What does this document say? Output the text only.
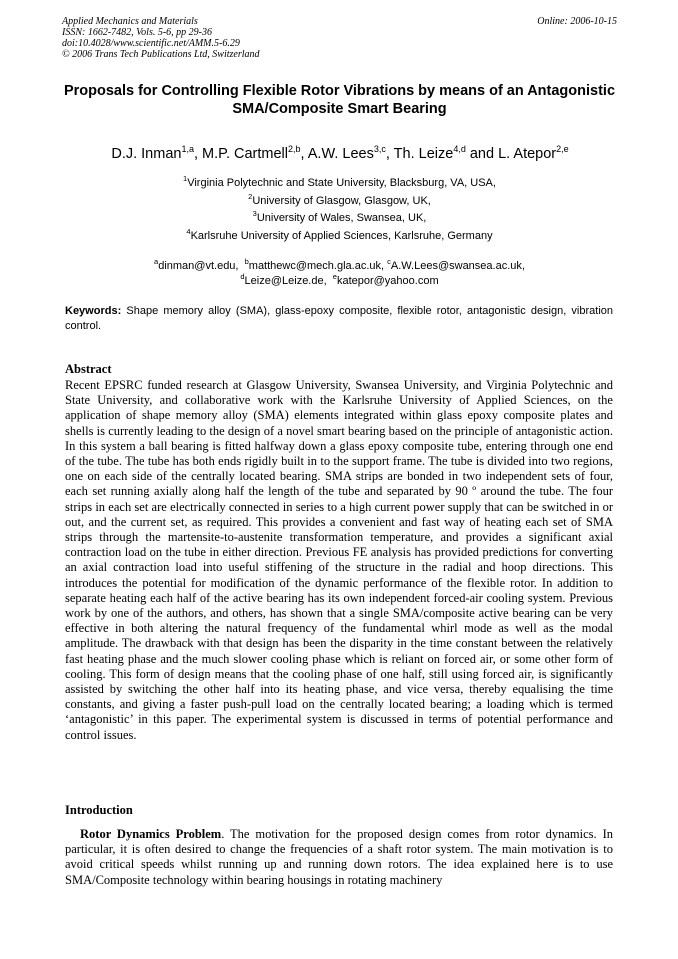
Applied Mechanics and Materials
ISSN: 1662-7482, Vols. 5-6, pp 29-36
doi:10.4028/www.scientific.net/AMM.5-6.29
© 2006 Trans Tech Publications Ltd, Switzerland
Online: 2006-10-15
Proposals for Controlling Flexible Rotor Vibrations by means of an Antagonistic SMA/Composite Smart Bearing
D.J. Inman$^{1,a}$, M.P. Cartmell$^{2,b}$, A.W. Lees$^{3,c}$, Th. Leize$^{4,d}$ and L. Atepor$^{2,e}$
$^1$Virginia Polytechnic and State University, Blacksburg, VA, USA,
$^2$University of Glasgow, Glasgow, UK,
$^3$University of Wales, Swansea, UK,
$^4$Karlsruhe University of Applied Sciences, Karlsruhe, Germany
$^a$dinman@vt.edu, $^b$matthewc@mech.gla.ac.uk, $^c$A.W.Lees@swansea.ac.uk,
$^d$Leize@Leize.de, $^e$katepor@yahoo.com
Keywords: Shape memory alloy (SMA), glass-epoxy composite, flexible rotor, antagonistic design, vibration control.
Abstract

Recent EPSRC funded research at Glasgow University, Swansea University, and Virginia Polytechnic and State University, and collaborative work with the Karlsruhe University of Applied Sciences, on the application of shape memory alloy (SMA) elements integrated within glass epoxy composite plates and shells is currently leading to the design of a novel smart bearing based on the principle of antagonistic action. In this system a ball bearing is fitted halfway down a glass epoxy composite tube, entering through one end of the tube. The tube has both ends rigidly built in to the support frame. The tube is divided into two regions, one on each side of the centrally located bearing. SMA strips are bonded in two independent sets of four, each set running axially along half the length of the tube and separated by 90 º around the tube. The four strips in each set are electrically connected in series to a high current power supply that can be switched in or out, and the current set, as required. This provides a convenient and fast way of heating each set of SMA strips through the martensite-to-austenite transformation temperature, and provides a significant axial contraction load on the tube in either direction. Previous FE analysis has provided predictions for converting an axial contraction load into useful stiffening of the structure in the radial and hoop directions. This introduces the potential for modification of the dynamic performance of the flexible rotor. In addition to separate heating each half of the active bearing has its own independent forced-air cooling system. Previous work by one of the authors, and others, has shown that a single SMA/composite active bearing can be very effective in both altering the natural frequency of the fundamental whirl mode as well as the modal amplitude. The drawback with that design has been the disparity in the time constant between the relatively fast heating phase and the much slower cooling phase which is reliant on forced air, or some other form of cooling. This form of design means that the cooling phase of one half, still using forced air, is significantly assisted by switching the other half into its heating phase, and vice versa, thereby equalising the time constants, and giving a faster push-pull load on the centrally located bearing; a loading which is termed ‘antagonistic’ in this paper. The experimental system is discussed in terms of potential performance and control issues.

Introduction

Rotor Dynamics Problem. The motivation for the proposed design comes from rotor dynamics. In particular, it is often desired to change the frequencies of a shaft rotor system. The main motivation is to avoid critical speeds whilst running up and running down rotors. The idea explained here is to use SMA/Composite technology within bearing housings in rotating machinery
